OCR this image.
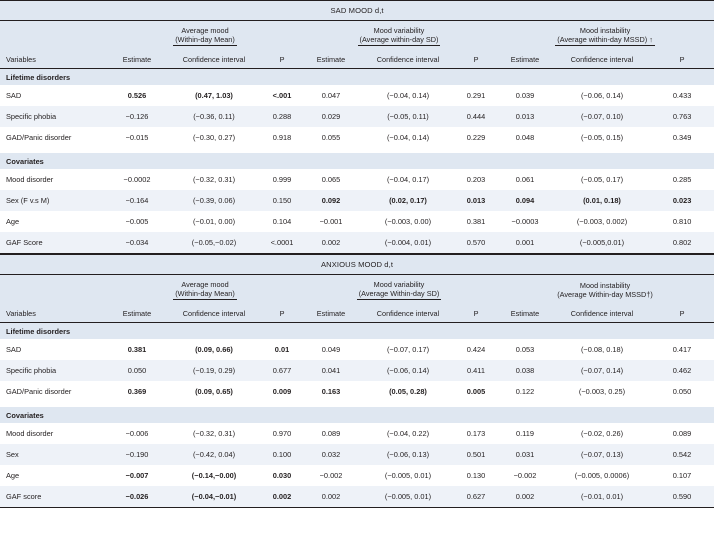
SAD MOOD d,t									
	Average mood
(Within-day Mean)			Mood variability
(Average within-day SD)			Mood instability
(Average within-day MSSD) ↑		
Variables	Estimate	Confidence interval	P	Estimate	Confidence interval	P	Estimate	Confidence interval	P
Lifetime disorders									
SAD	0.526	(0.47, 1.03)	<.001	0.047	(−0.04, 0.14)	0.291	0.039	(−0.06, 0.14)	0.433
Specific phobia	−0.126	(−0.36, 0.11)	0.288	0.029	(−0.05, 0.11)	0.444	0.013	(−0.07, 0.10)	0.763
GAD/Panic disorder	−0.015	(−0.30, 0.27)	0.918	0.055	(−0.04, 0.14)	0.229	0.048	(−0.05, 0.15)	0.349

Covariates									
Mood disorder	−0.0002	(−0.32, 0.31)	0.999	0.065	(−0.04, 0.17)	0.203	0.061	(−0.05, 0.17)	0.285
Sex (F v.s M)	−0.164	(−0.39, 0.06)	0.150	0.092	(0.02, 0.17)	0.013	0.094	(0.01, 0.18)	0.023
Age	−0.005	(−0.01, 0.00)	0.104	−0.001	(−0.003, 0.00)	0.381	−0.0003	(−0.003, 0.002)	0.810
GAF Score	−0.034	(−0.05,−0.02)	<.0001	0.002	(−0.004, 0.01)	0.570	0.001	(−0.005,0.01)	0.802
ANXIOUS MOOD d,t									
	Average mood
(Within-day Mean)			Mood variability
(Average Within-day SD)			Mood instability
(Average Within-day MSSD†)		
Variables	Estimate	Confidence interval	P	Estimate	Confidence interval	P	Estimate	Confidence interval	P
Lifetime disorders									
SAD	0.381	(0.09, 0.66)	0.01	0.049	(−0.07, 0.17)	0.424	0.053	(−0.08, 0.18)	0.417
Specific phobia	0.050	(−0.19, 0.29)	0.677	0.041	(−0.06, 0.14)	0.411	0.038	(−0.07, 0.14)	0.462
GAD/Panic disorder	0.369	(0.09, 0.65)	0.009	0.163	(0.05, 0.28)	0.005	0.122	(−0.003, 0.25)	0.050

Covariates									
Mood disorder	−0.006	(−0.32, 0.31)	0.970	0.089	(−0.04, 0.22)	0.173	0.119	(−0.02, 0.26)	0.089
Sex	−0.190	(−0.42, 0.04)	0.100	0.032	(−0.06, 0.13)	0.501	0.031	(−0.07, 0.13)	0.542
Age	−0.007	(−0.14,−0.00)	0.030	−0.002	(−0.005, 0.01)	0.130	−0.002	(−0.005, 0.0006)	0.107
GAF score	−0.026	(−0.04,−0.01)	0.002	0.002	(−0.005, 0.01)	0.627	0.002	(−0.01, 0.01)	0.590
